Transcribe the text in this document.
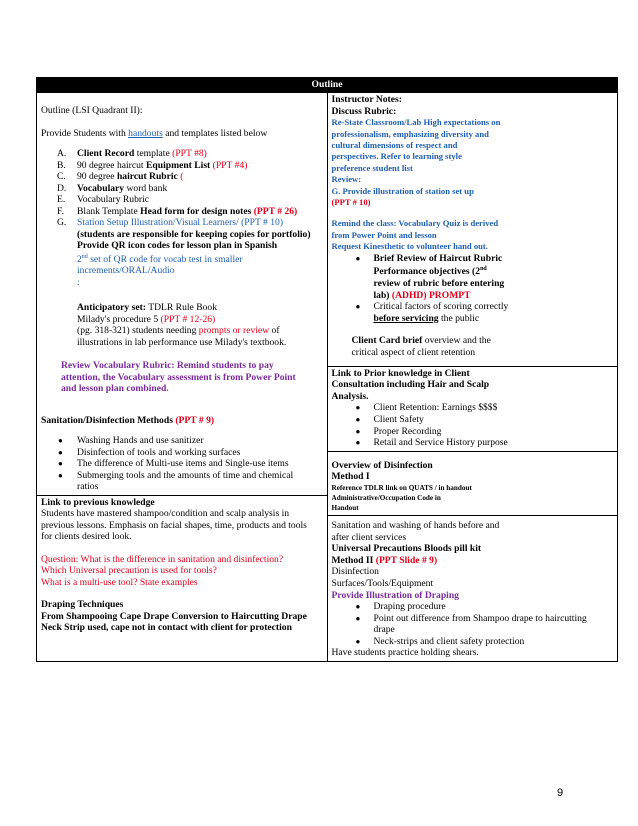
Outline

Outline (LSI Quadrant II):

Provide Students with handouts and templates listed below

A. Client Record template (PPT #8)
B. 90 degree haircut Equipment List (PPT #4)
C. 90 degree haircut Rubric (
D. Vocabulary word bank
E. Vocabulary Rubric
F. Blank Template Head form for design notes (PPT # 26)
G. Station Setup Illustration/Visual Learners/ (PPT # 10)
(students are responsible for keeping copies for portfolio)
Provide QR icon codes for lesson plan in Spanish
2nd set of QR code for vocab test in smaller
increments/ORAL/Audio
:

Anticipatory set: TDLR Rule Book

Milady's procedure 5 (PPT # 12-26)

(pg. 318-321) students needing prompts or review of

illustrations in lab performance use Milady's textbook.

Review Vocabulary Rubric: Remind students to pay

attention, the Vocabulary assessment is from Power Point

and lesson plan combined.

Sanitation/Disinfection Methods (PPT # 9)

● Washing Hands and use sanitizer
● Disinfection of tools and working surfaces
● The difference of Multi-use items and Single-use items
● Submerging tools and the amounts of time and chemical ratios

Link to previous knowledge

Students have mastered shampoo/condition and scalp analysis in

previous lessons. Emphasis on facial shapes, time, products and tools

for clients desired look.

Question: What is the difference in sanitation and disinfection?

Which Universal precaution is used for tools?

What is a multi-use tool? State examples

Draping Techniques

From Shampooing Cape Drape Conversion to Haircutting Drape

Neck Strip used, cape not in contact with client for protection

Instructor Notes:

Discuss Rubric:

Re-State Classroom/Lab High expectations on

professionalism, emphasizing diversity and

cultural dimensions of respect and

perspectives. Refer to learning style

preference student list

Review:

G. Provide illustration of station set up

(PPT # 10)

Remind the class: Vocabulary Quiz is derived

from Power Point and lesson

Request Kinesthetic to volunteer hand out.

● Brief Review of Haircut Rubric
Performance objectives (2nd
review of rubric before entering
lab) (ADHD) PROMPT
● Critical factors of scoring correctly
before servicing the public

Client Card brief overview and the

critical aspect of client retention

Link to Prior knowledge in Client

Consultation including Hair and Scalp

Analysis.

● Client Retention: Earnings $$$$
● Client Safety
● Proper Recording
● Retail and Service History purpose

Overview of Disinfection

Method I

Reference TDLR link on QUATS / in handout

Administrative/Occupation Code in

Handout

Sanitation and washing of hands before and

after client services

Universal Precautions Bloods pill kit

Method II (PPT Slide # 9)

Disinfection

Surfaces/Tools/Equipment

Provide Illustration of Draping

● Draping procedure
● Point out difference from Shampoo drape to haircutting drape
● Neck-strips and client safety protection

Have students practice holding shears.

9
